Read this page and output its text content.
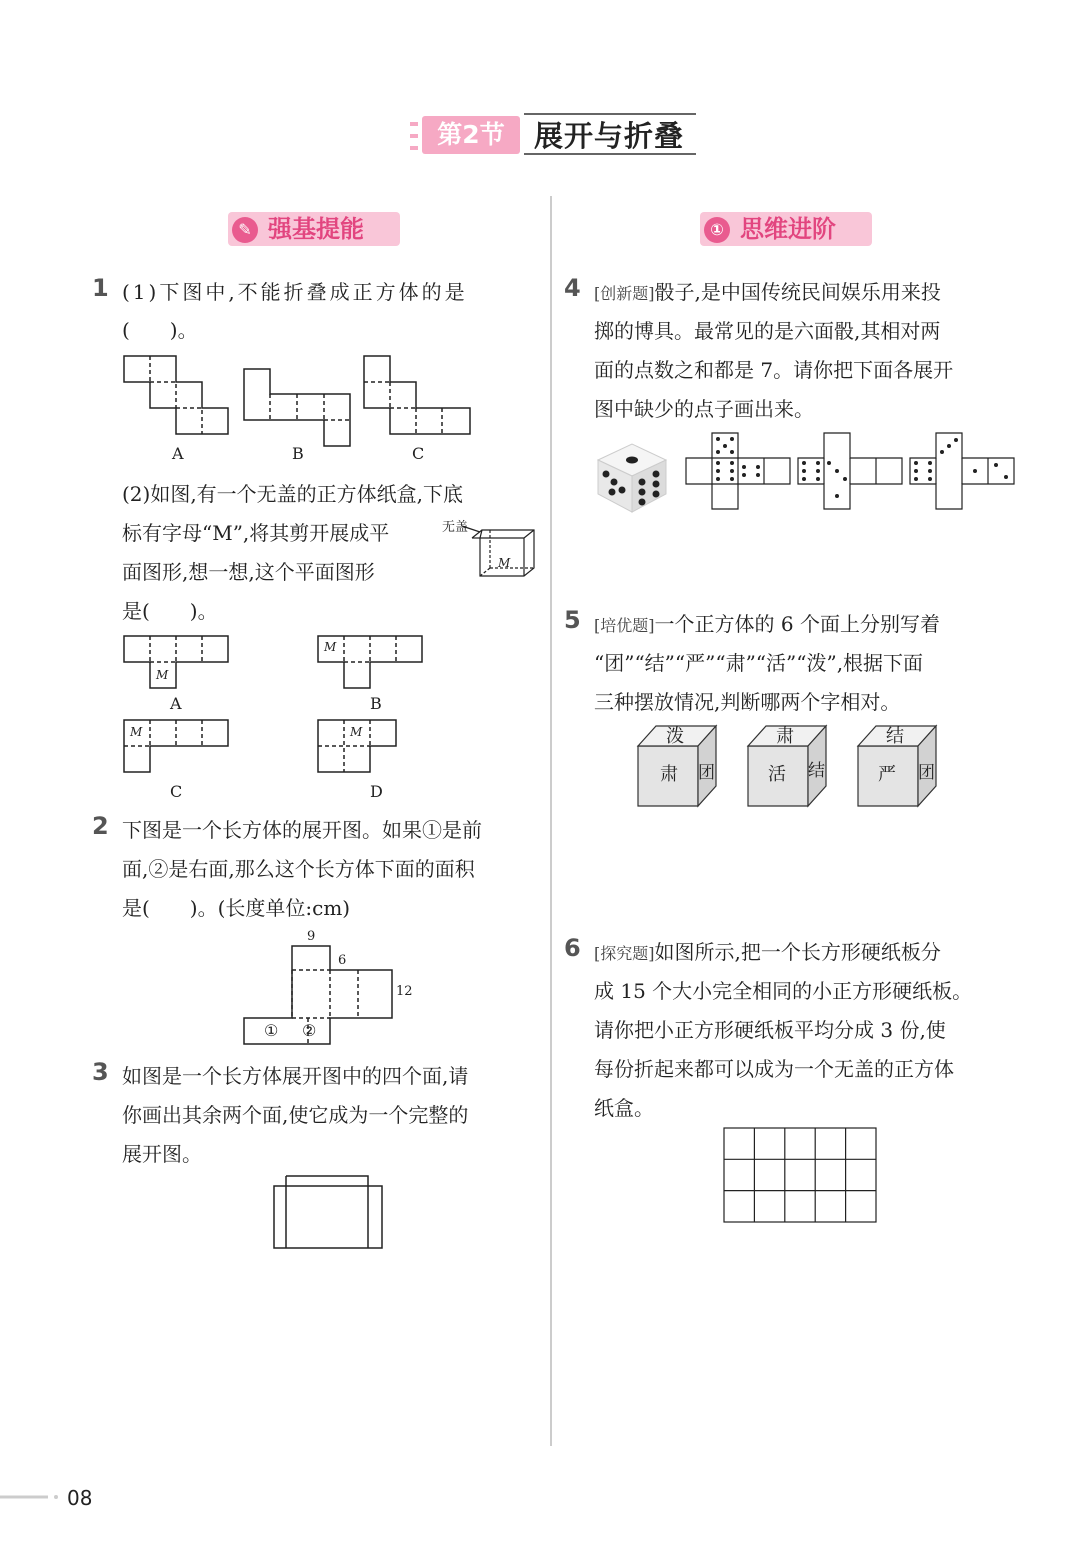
第2节	展开与折叠
✎ 强基提能	① 思维进阶
1 (1)下图中,不能折叠成正方体的是
(　　)。
A	B	C
(2)如图,有一个无盖的正方体纸盒,下底
标有字母“M”,将其剪开展成平
面图形,想一想,这个平面图形
是(　　)。
无盖
M
M
M
M	M
A	B
C	D
2 下图是一个长方体的展开图。如果①是前
面,②是右面,那么这个长方体下面的面积
是(　　)。(长度单位:cm)
9
6
12
① ②
3 如图是一个长方体展开图中的四个面,请
你画出其余两个面,使它成为一个完整的
展开图。
4 [创新题]骰子,是中国传统民间娱乐用来投
掷的博具。最常见的是六面骰,其相对两
面的点数之和都是 7。请你把下面各展开
图中缺少的点子画出来。
5 [培优题]一个正方体的 6 个面上分别写着
“团”“结”“严”“肃”“活”“泼”,根据下面
三种摆放情况,判断哪两个字相对。
泼
肃 团
肃
活 结
结
严 团
6 [探究题]如图所示,把一个长方形硬纸板分
成 15 个大小完全相同的小正方形硬纸板。
请你把小正方形硬纸板平均分成 3 份,使
每份折起来都可以成为一个无盖的正方体
纸盒。
08
